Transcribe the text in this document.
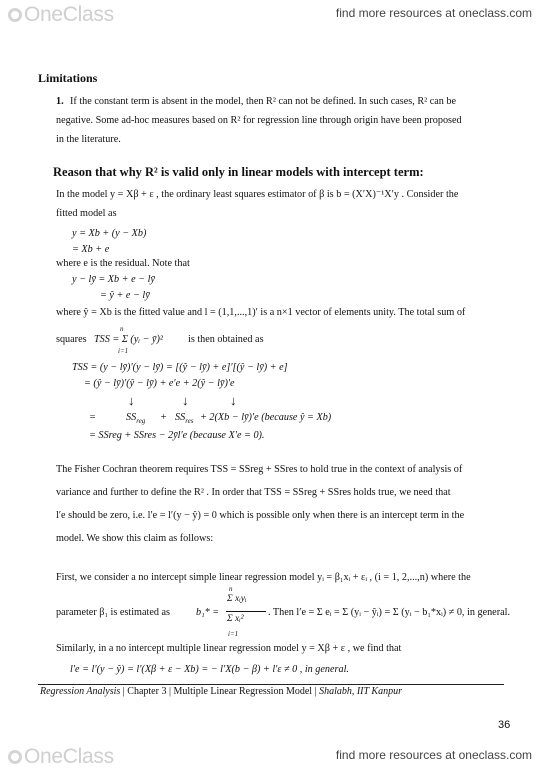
OneClass	find more resources at oneclass.com
Limitations
1. If the constant term is absent in the model, then R² can not be defined. In such cases, R² can be
negative. Some ad-hoc measures based on R² for regression line through origin have been proposed
in the literature.
Reason that why R² is valid only in linear models with intercept term:
In the model y = Xβ + ε , the ordinary least squares estimator of β is b = (X′X)⁻¹X′y . Consider the
fitted model as
y = Xb + (y − Xb)
= Xb + e
where e is the residual. Note that
y − lȳ = Xb + e − lȳ
= ŷ + e − lȳ
where ŷ = Xb is the fitted value and l = (1,1,...,1)′ is a n×1 vector of elements unity. The total sum of
squares
n
TSS = Σ (yᵢ − ȳ)²
i=1
is then obtained as
TSS = (y − lȳ)′(y − lȳ) = [(ŷ − lȳ) + e]′[(ŷ − lȳ) + e]
= (ŷ − lȳ)′(ŷ − lȳ) + e′e + 2(ŷ − lȳ)′e
↓	↓	↓
=	$SS_{reg} + SS_{res} + 2(Xb$ − lȳ)′e (because ŷ = Xb)
= SSreg + SSres − 2ȳl′e (because X′e = 0).
The Fisher Cochran theorem requires TSS = SSreg + SSres to hold true in the context of analysis of
variance and further to define the R² . In order that TSS = SSreg + SSres holds true, we need that
l′e should be zero, i.e. l′e = l′(y − ŷ) = 0 which is possible only when there is an intercept term in the
model. We show this claim as follows:
First, we consider a no intercept simple linear regression model yᵢ = β₁xᵢ + εᵢ , (i = 1, 2,...,n) where the
parameter β₁ is estimated as	b₁* =
n
Σ xᵢyᵢ
Σ xᵢ²
i=1
. Then l′e = Σ eᵢ = Σ (yᵢ − ŷᵢ) = Σ (yᵢ − b₁*xᵢ) ≠ 0, in general.
Similarly, in a no intercept multiple linear regression model y = Xβ + ε , we find that
l′e = l′(y − ŷ) = l′(Xβ + ε − Xb) = − l′X(b − β) + l′ε ≠ 0 , in general.
Regression Analysis | Chapter 3 | Multiple Linear Regression Model | Shalabh, IIT Kanpur
36
OneClass	find more resources at oneclass.com
